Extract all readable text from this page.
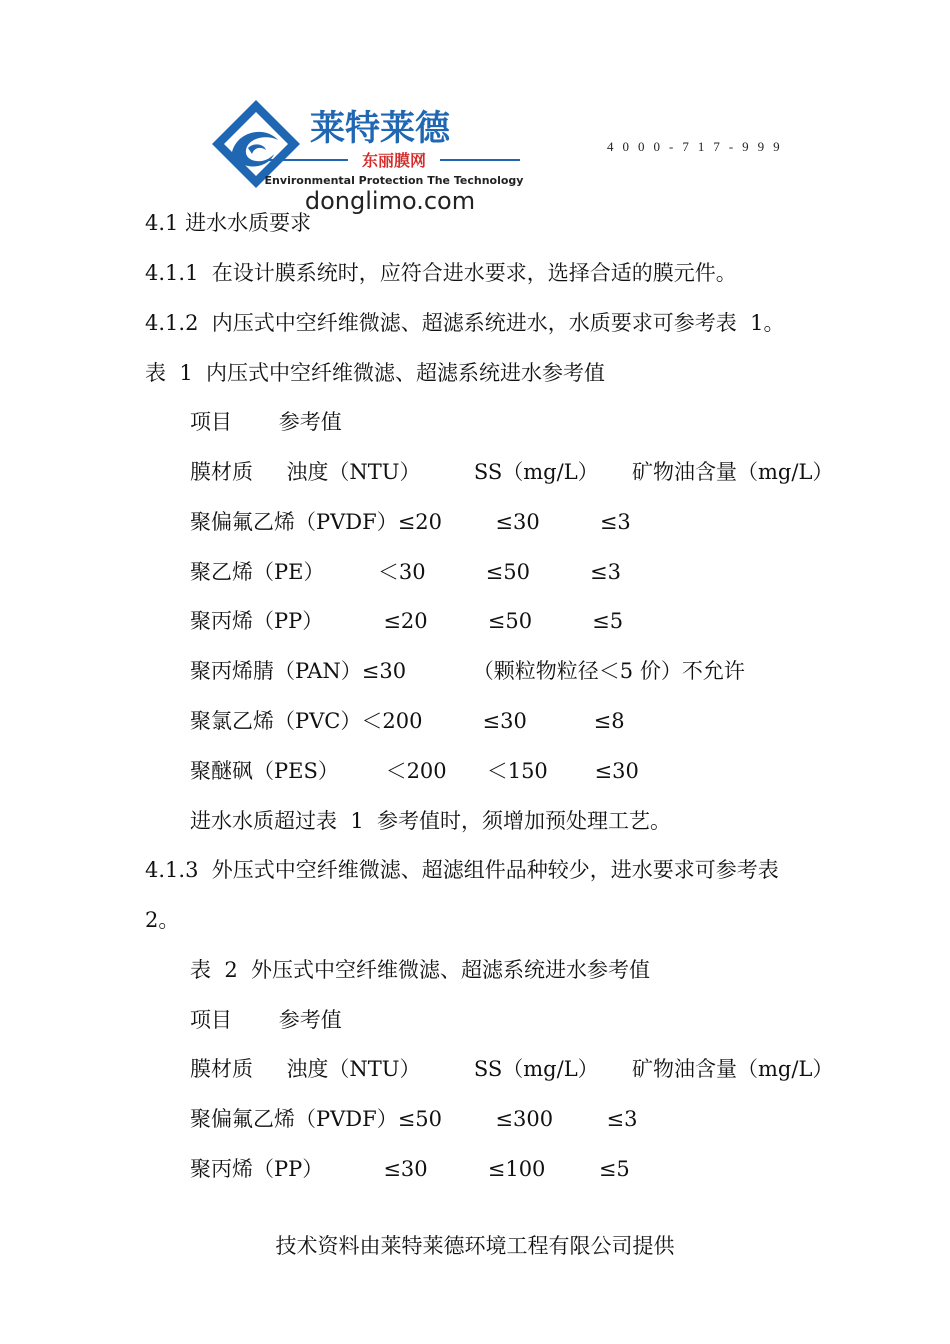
莱特莱德
东丽膜网
Environmental Protection The Technology
donglimo.com
4000-717-999
4.1 进水水质要求
4.1.1  在设计膜系统时，应符合进水要求，选择合适的膜元件。
4.1.2  内压式中空纤维微滤、超滤系统进水，水质要求可参考表  1。
表  1  内压式中空纤维微滤、超滤系统进水参考值
项目       参考值
膜材质     浊度（NTU）        SS（mg/L）     矿物油含量（mg/L）
聚偏氟乙烯（PVDF）≤20        ≤30         ≤3
聚乙烯（PE）        ＜30         ≤50         ≤3
聚丙烯（PP）         ≤20         ≤50         ≤5
聚丙烯腈（PAN）≤30          （颗粒物粒径＜5 价）不允许
聚氯乙烯（PVC）＜200         ≤30          ≤8
聚醚砜（PES）       ＜200      ＜150       ≤30
进水水质超过表  1  参考值时，须增加预处理工艺。
4.1.3  外压式中空纤维微滤、超滤组件品种较少，进水要求可参考表
2。
表  2  外压式中空纤维微滤、超滤系统进水参考值
项目       参考值
膜材质     浊度（NTU）        SS（mg/L）     矿物油含量（mg/L）
聚偏氟乙烯（PVDF）≤50        ≤300        ≤3
聚丙烯（PP）         ≤30         ≤100        ≤5
技术资料由莱特莱德环境工程有限公司提供
